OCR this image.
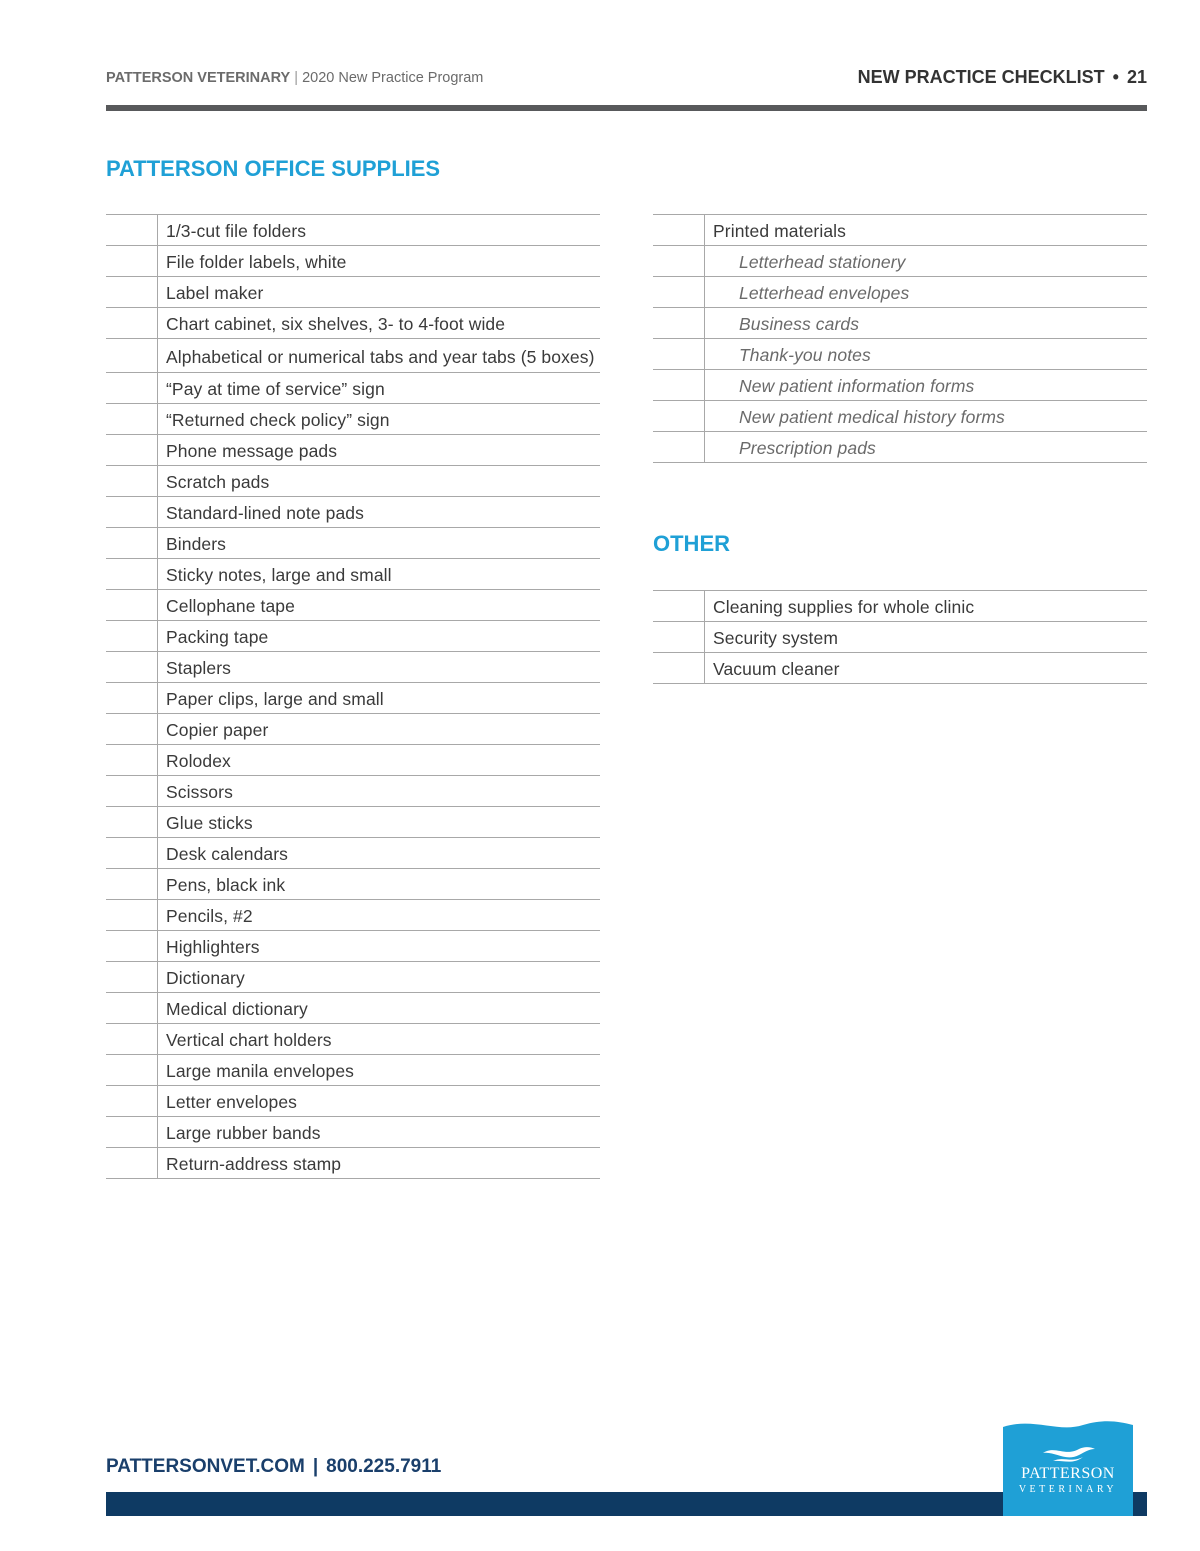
PATTERSON VETERINARY | 2020 New Practice Program	NEW PRACTICE CHECKLIST • 21
PATTERSON OFFICE SUPPLIES
1/3-cut file folders
File folder labels, white
Label maker
Chart cabinet, six shelves, 3- to 4-foot wide
Alphabetical or numerical tabs and year tabs (5 boxes)
“Pay at time of service” sign
“Returned check policy” sign
Phone message pads
Scratch pads
Standard-lined note pads
Binders
Sticky notes, large and small
Cellophane tape
Packing tape
Staplers
Paper clips, large and small
Copier paper
Rolodex
Scissors
Glue sticks
Desk calendars
Pens, black ink
Pencils, #2
Highlighters
Dictionary
Medical dictionary
Vertical chart holders
Large manila envelopes
Letter envelopes
Large rubber bands
Return-address stamp
Printed materials
Letterhead stationery
Letterhead envelopes
Business cards
Thank-you notes
New patient information forms
New patient medical history forms
Prescription pads
OTHER
Cleaning supplies for whole clinic
Security system
Vacuum cleaner
PATTERSONVET.COM | 800.225.7911	PATTERSON
VETERINARY
